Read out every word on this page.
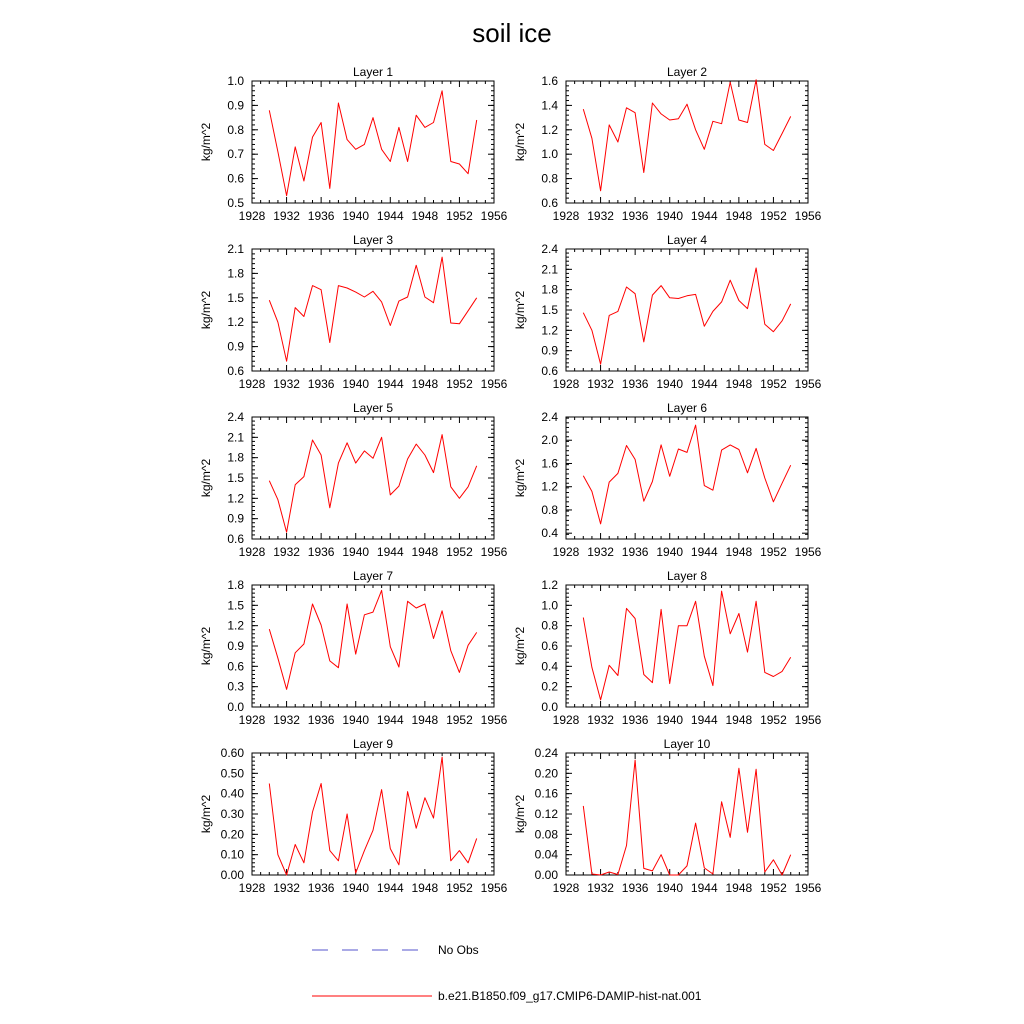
soil ice
Layer 1
kg/m^2
1928 1932 1936 1940 1944 1948 1952 1956
0.5
0.6
0.7
0.8
0.9
1.0
Layer 2
kg/m^2
1928 1932 1936 1940 1944 1948 1952 1956
0.6
0.8
1.0
1.2
1.4
1.6
Layer 3
kg/m^2
1928 1932 1936 1940 1944 1948 1952 1956
0.6
0.9
1.2
1.5
1.8
2.1
Layer 4
kg/m^2
1928 1932 1936 1940 1944 1948 1952 1956
0.6
0.9
1.2
1.5
1.8
2.1
2.4
Layer 5
kg/m^2
1928 1932 1936 1940 1944 1948 1952 1956
0.6
0.9
1.2
1.5
1.8
2.1
2.4
Layer 6
kg/m^2
1928 1932 1936 1940 1944 1948 1952 1956
0.4
0.8
1.2
1.6
2.0
2.4
Layer 7
kg/m^2
1928 1932 1936 1940 1944 1948 1952 1956
0.0
0.3
0.6
0.9
1.2
1.5
1.8
Layer 8
kg/m^2
1928 1932 1936 1940 1944 1948 1952 1956
0.0
0.2
0.4
0.6
0.8
1.0
1.2
Layer 9
kg/m^2
1928 1932 1936 1940 1944 1948 1952 1956
0.00
0.10
0.20
0.30
0.40
0.50
0.60
Layer 10
kg/m^2
1928 1932 1936 1940 1944 1948 1952 1956
0.00
0.04
0.08
0.12
0.16
0.20
0.24
No Obs
b.e21.B1850.f09_g17.CMIP6-DAMIP-hist-nat.001
